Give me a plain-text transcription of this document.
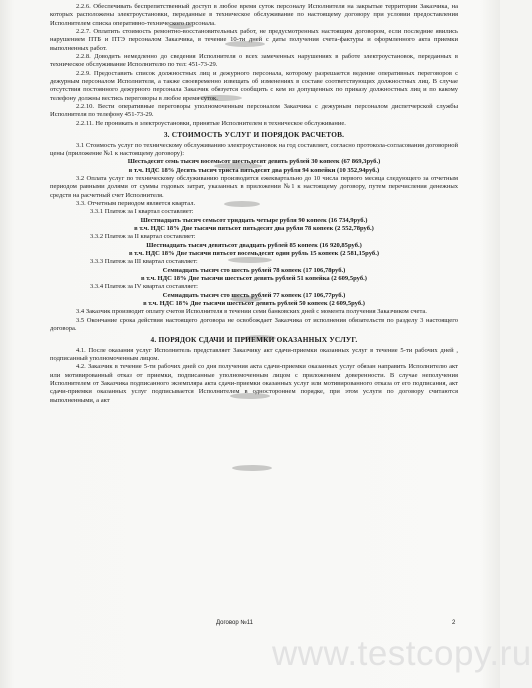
2.2.6. Обеспечивать беспрепятственный доступ в любое время суток персоналу Исполнителя на закрытые территории Заказчика, на которых расположены электроустановки, переданные в техническое обслуживание по настоящему договору при условии предоставления Исполнителем списка оперативно-технического персонала.

2.2.7. Оплатить стоимость ремонтно-восстановительных работ, не предусмотренных настоящим договором, если последние явились нарушением ПТБ и ПТЭ персоналом Заказчика, в течение 10-ти дней с даты получения счета-фактуры и оформленного акта приемки выполненных работ.

2.2.8. Доводить немедленно до сведения Исполнителя о всех замеченных нарушениях в работе электроустановок, переданных в техническое обслуживание Исполнителю по тел: 451-73-29.

2.2.9. Предоставить список должностных лиц и дежурного персонала, которому разрешается ведение оперативных переговоров с дежурным персоналом Исполнителя, а также своевременно извещать об изменениях в составе соответствующих должностных лиц. В случае отсутствия постоянного дежурного персонала Заказчик обязуется сообщить с кем из допущенных по приказу должностных лиц и по какому телефону должны вестись переговоры в любое время суток.

2.2.10. Вести оперативные переговоры уполномоченным персоналом Заказчика с дежурным персоналом диспетчерской службы Исполнителя по телефону 451-73-29.

2.2.11. Не проникать в электроустановки, принятые Исполнителем в техническое обслуживание.

3. СТОИМОСТЬ УСЛУГ И ПОРЯДОК РАСЧЕТОВ.

3.1 Стоимость услуг по техническому обслуживанию электроустановок на год составляет, согласно протокола-согласования договорной цены (приложение №1 к настоящему договору):

Шестьдесят семь тысяч восемьсот шестьдесят девять рублей 30 копеек (67 869,3руб.)

в т.ч. НДС 18% Десять тысяч триста пятьдесят два рубля 94 копейки (10 352,94руб.)

3.2 Оплата услуг по техническому обслуживанию производится ежеквартально до 10 числа первого месяца следующего за отчетным периодом равными долями от суммы годовых затрат, указанных в приложении №1 к настоящему договору, путем перечисления денежных средств на расчетный счет Исполнителя.

3.3. Отчетным периодом является квартал.

3.3.1 Платеж за I квартал составляет:

Шестнадцать тысяч семьсот тридцать четыре рубля 90 копеек (16 734,9руб.)

в т.ч. НДС 18% Две тысячи пятьсот пятьдесят два рубля 78 копеек (2 552,78руб.)

3.3.2 Платеж за II квартал составляет:

Шестнадцать тысяч девятьсот двадцать рублей 85 копеек (16 920,85руб.)

в т.ч. НДС 18% Две тысячи пятьсот восемьдесят один рубль 15 копеек (2 581,15руб.)

3.3.3 Платеж за III квартал составляет:

Семнадцать тысяч сто шесть рублей 78 копеек (17 106,78руб.)

в т.ч. НДС 18% Две тысячи шестьсот девять рублей 51 копейка (2 609,5руб.)

3.3.4 Платеж за IV квартал составляет:

Семнадцать тысяч сто шесть рублей 77 копеек (17 106,77руб.)

в т.ч. НДС 18% Две тысячи шестьсот девять рублей 50 копеек (2 609,5руб.)

3.4 Заказчик производит оплату счетов Исполнителя в течении семи банковских дней с момента получения Заказчиком счета.

3.5 Окончание срока действия настоящего договора не освобождает Заказчика от исполнения обязательств по разделу 3 настоящего договора.

4. ПОРЯДОК СДАЧИ И ПРИЕМКИ ОКАЗАННЫХ УСЛУГ.

4.1. После оказания услуг Исполнитель представляет Заказчику акт сдачи-приемки оказанных услуг в течение 5-ти рабочих дней , подписанный уполномоченным лицом.

4.2. Заказчик в течение 5-ти рабочих дней со дня получения акта сдачи-приемки оказанных услуг обязан направить Исполнителю акт или мотивированный отказ от приемки, подписанные уполномоченным лицом с приложением доверенности. В случае неполучения Исполнителем от Заказчика подписанного экземпляра акта сдачи-приемки оказанных услуг или мотивированного отказа от его подписания, акт сдачи-приемки оказанных услуг подписывается Исполнителем в одностороннем порядке, при этом услуги по договору считаются выполненными, а акт

Договор №11	2
www.testcopy.ru
